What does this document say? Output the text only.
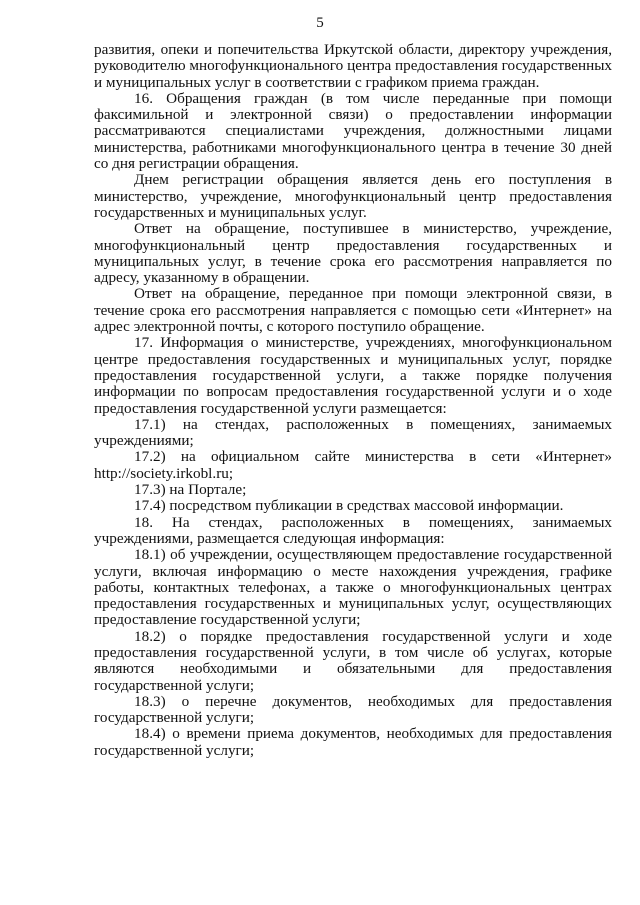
5

развития, опеки и попечительства Иркутской области, директору учреждения, руководителю многофункционального центра предоставления государственных и муниципальных услуг в соответствии с графиком приема граждан.

16. Обращения граждан (в том числе переданные при помощи факсимильной и электронной связи) о предоставлении информации рассматриваются специалистами учреждения, должностными лицами министерства, работниками многофункционального центра в течение 30 дней со дня регистрации обращения.

Днем регистрации обращения является день его поступления в министерство, учреждение, многофункциональный центр предоставления государственных и муниципальных услуг.

Ответ на обращение, поступившее в министерство, учреждение, многофункциональный центр предоставления государственных и муниципальных услуг, в течение срока его рассмотрения направляется по адресу, указанному в обращении.

Ответ на обращение, переданное при помощи электронной связи, в течение срока его рассмотрения направляется с помощью сети «Интернет» на адрес электронной почты, с которого поступило обращение.

17. Информация о министерстве, учреждениях, многофункциональном центре предоставления государственных и муниципальных услуг, порядке предоставления государственной услуги, а также порядке получения информации по вопросам предоставления государственной услуги и о ходе предоставления государственной услуги размещается:

17.1) на стендах, расположенных в помещениях, занимаемых учреждениями;

17.2) на официальном сайте министерства в сети «Интернет» http://society.irkobl.ru;

17.3) на Портале;

17.4) посредством публикации в средствах массовой информации.

18. На стендах, расположенных в помещениях, занимаемых учреждениями, размещается следующая информация:

18.1) об учреждении, осуществляющем предоставление государственной услуги, включая информацию о месте нахождения учреждения, графике работы, контактных телефонах, а также о многофункциональных центрах предоставления государственных и муниципальных услуг, осуществляющих предоставление государственной услуги;

18.2) о порядке предоставления государственной услуги и ходе предоставления государственной услуги, в том числе об услугах, которые являются необходимыми и обязательными для предоставления государственной услуги;

18.3) о перечне документов, необходимых для предоставления государственной услуги;

18.4) о времени приема документов, необходимых для предоставления государственной услуги;
